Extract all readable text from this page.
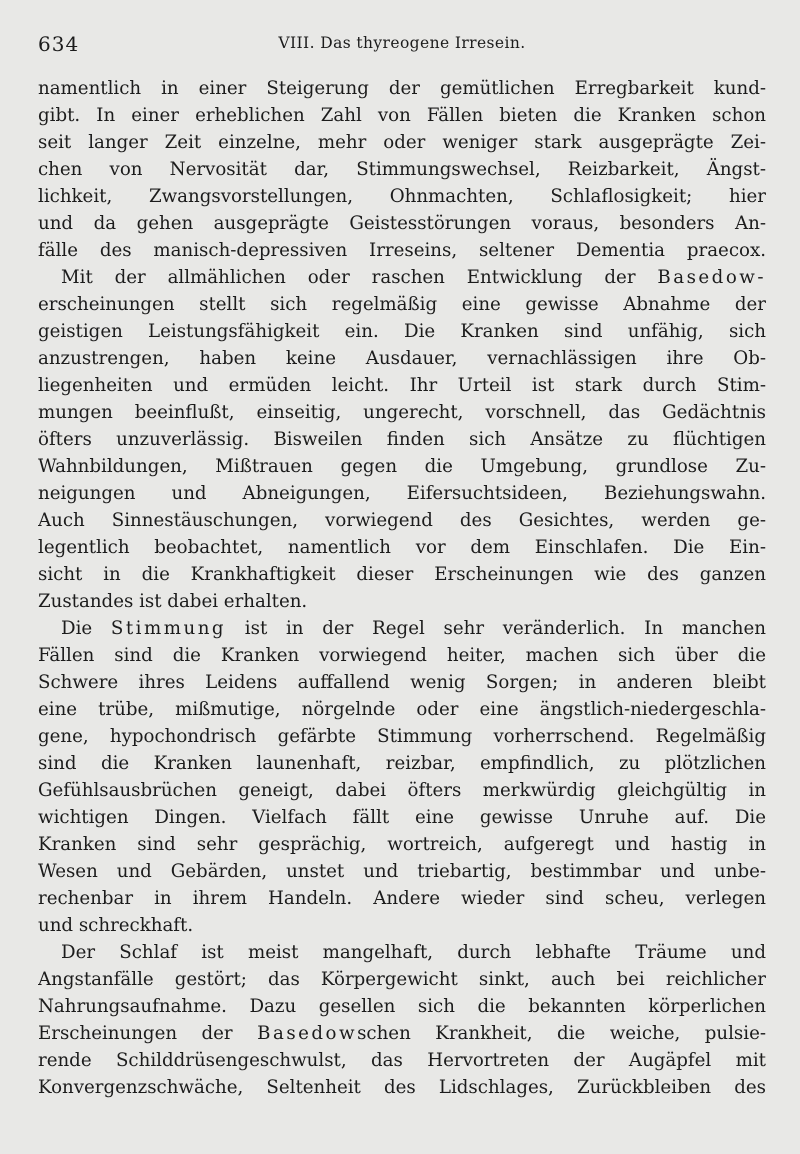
634	VIII. Das thyreogene Irresein.
namentlich in einer Steigerung der gemütlichen Erregbarkeit kund-
gibt. In einer erheblichen Zahl von Fällen bieten die Kranken schon
seit langer Zeit einzelne, mehr oder weniger stark ausgeprägte Zei-
chen von Nervosität dar, Stimmungswechsel, Reizbarkeit, Ängst-
lichkeit, Zwangsvorstellungen, Ohnmachten, Schlaflosigkeit; hier
und da gehen ausgeprägte Geistesstörungen voraus, besonders An-
fälle des manisch-depressiven Irreseins, seltener Dementia praecox.
Mit der allmählichen oder raschen Entwicklung der Basedow-
erscheinungen stellt sich regelmäßig eine gewisse Abnahme der
geistigen Leistungsfähigkeit ein. Die Kranken sind unfähig, sich
anzustrengen, haben keine Ausdauer, vernachlässigen ihre Ob-
liegenheiten und ermüden leicht. Ihr Urteil ist stark durch Stim-
mungen beeinflußt, einseitig, ungerecht, vorschnell, das Gedächtnis
öfters unzuverlässig. Bisweilen finden sich Ansätze zu flüchtigen
Wahnbildungen, Mißtrauen gegen die Umgebung, grundlose Zu-
neigungen und Abneigungen, Eifersuchtsideen, Beziehungswahn.
Auch Sinnestäuschungen, vorwiegend des Gesichtes, werden ge-
legentlich beobachtet, namentlich vor dem Einschlafen. Die Ein-
sicht in die Krankhaftigkeit dieser Erscheinungen wie des ganzen
Zustandes ist dabei erhalten.
Die Stimmung ist in der Regel sehr veränderlich. In manchen
Fällen sind die Kranken vorwiegend heiter, machen sich über die
Schwere ihres Leidens auffallend wenig Sorgen; in anderen bleibt
eine trübe, mißmutige, nörgelnde oder eine ängstlich-niedergeschla-
gene, hypochondrisch gefärbte Stimmung vorherrschend. Regelmäßig
sind die Kranken launenhaft, reizbar, empfindlich, zu plötzlichen
Gefühlsausbrüchen geneigt, dabei öfters merkwürdig gleichgültig in
wichtigen Dingen. Vielfach fällt eine gewisse Unruhe auf. Die
Kranken sind sehr gesprächig, wortreich, aufgeregt und hastig in
Wesen und Gebärden, unstet und triebartig, bestimmbar und unbe-
rechenbar in ihrem Handeln. Andere wieder sind scheu, verlegen
und schreckhaft.
Der Schlaf ist meist mangelhaft, durch lebhafte Träume und
Angstanfälle gestört; das Körpergewicht sinkt, auch bei reichlicher
Nahrungsaufnahme. Dazu gesellen sich die bekannten körperlichen
Erscheinungen der Basedowschen Krankheit, die weiche, pulsie-
rende Schilddrüsengeschwulst, das Hervortreten der Augäpfel mit
Konvergenzschwäche, Seltenheit des Lidschlages, Zurückbleiben des
